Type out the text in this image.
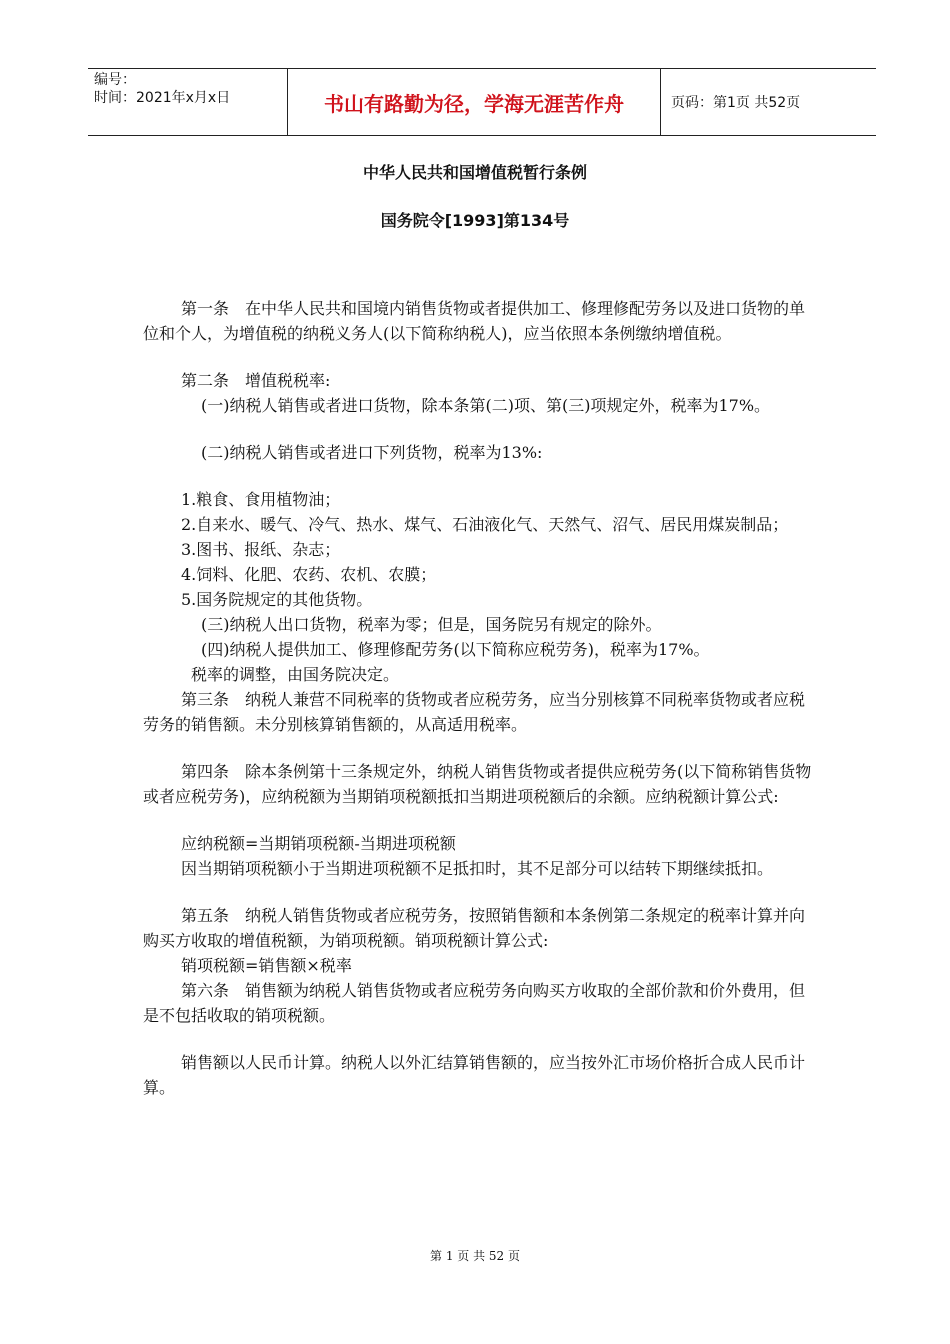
编号：
时间：2021年x月x日	书山有路勤为径，学海无涯苦作舟	页码：第1页 共52页
中华人民共和国增值税暂行条例
国务院令[1993]第134号

第一条　在中华人民共和国境内销售货物或者提供加工、修理修配劳务以及进口货物的单位和个人，为增值税的纳税义务人(以下简称纳税人)，应当依照本条例缴纳增值税。

第二条　增值税税率:

(一)纳税人销售或者进口货物，除本条第(二)项、第(三)项规定外，税率为17%。

(二)纳税人销售或者进口下列货物，税率为13%:

1.粮食、食用植物油；

2.自来水、暖气、冷气、热水、煤气、石油液化气、天然气、沼气、居民用煤炭制品；

3.图书、报纸、杂志；

4.饲料、化肥、农药、农机、农膜；

5.国务院规定的其他货物。

(三)纳税人出口货物，税率为零；但是，国务院另有规定的除外。

(四)纳税人提供加工、修理修配劳务(以下简称应税劳务)，税率为17%。

税率的调整，由国务院决定。

第三条　纳税人兼营不同税率的货物或者应税劳务，应当分别核算不同税率货物或者应税劳务的销售额。未分别核算销售额的，从高适用税率。

第四条　除本条例第十三条规定外，纳税人销售货物或者提供应税劳务(以下简称销售货物或者应税劳务)，应纳税额为当期销项税额抵扣当期进项税额后的余额。应纳税额计算公式:

应纳税额=当期销项税额-当期进项税额

因当期销项税额小于当期进项税额不足抵扣时，其不足部分可以结转下期继续抵扣。

第五条　纳税人销售货物或者应税劳务，按照销售额和本条例第二条规定的税率计算并向购买方收取的增值税额，为销项税额。销项税额计算公式:

销项税额=销售额×税率

第六条　销售额为纳税人销售货物或者应税劳务向购买方收取的全部价款和价外费用，但是不包括收取的销项税额。

销售额以人民币计算。纳税人以外汇结算销售额的，应当按外汇市场价格折合成人民币计算。

第 1 页 共 52 页
